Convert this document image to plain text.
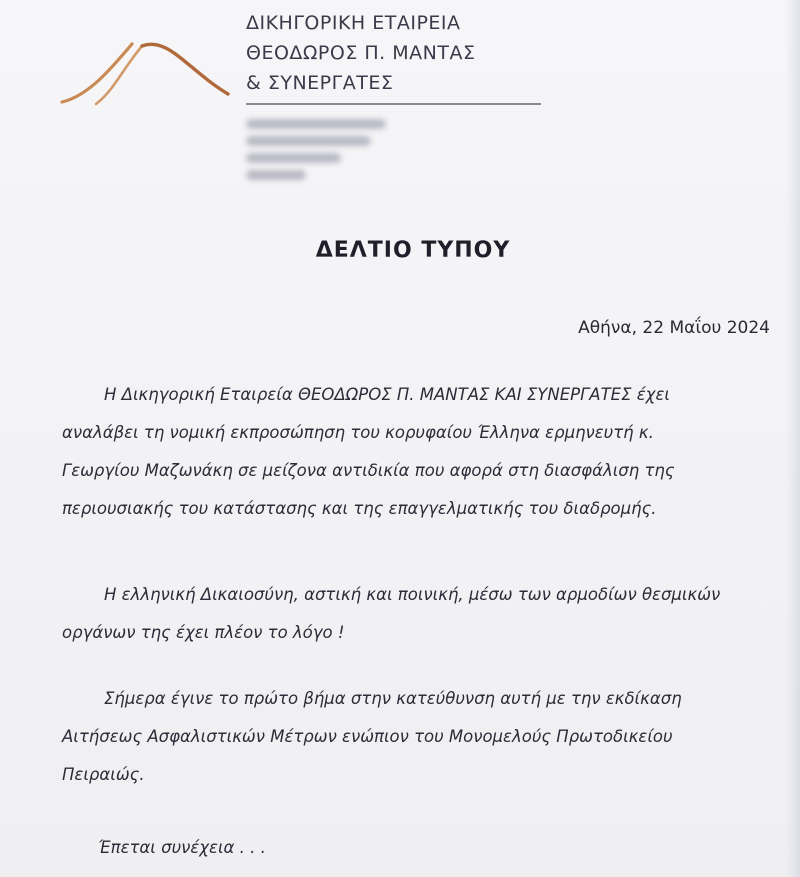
ΔΙΚΗΓΟΡΙΚΗ ΕΤΑΙΡΕΙΑ
ΘΕΟΔΩΡΟΣ Π. ΜΑΝΤΑΣ
& ΣΥΝΕΡΓΑΤΕΣ
ΔΕΛΤΙΟ ΤΥΠΟΥ
Αθήνα, 22 Μαΐου 2024
Η Δικηγορική Εταιρεία ΘΕΟΔΩΡΟΣ Π. ΜΑΝΤΑΣ ΚΑΙ ΣΥΝΕΡΓΑΤΕΣ έχει
αναλάβει τη νομική εκπροσώπηση του κορυφαίου Έλληνα ερμηνευτή κ.
Γεωργίου Μαζωνάκη σε μείζονα αντιδικία που αφορά στη διασφάλιση της
περιουσιακής του κατάστασης και της επαγγελματικής του διαδρομής.
Η ελληνική Δικαιοσύνη, αστική και ποινική, μέσω των αρμοδίων θεσμικών
οργάνων της έχει πλέον το λόγο !
Σήμερα έγινε το πρώτο βήμα στην κατεύθυνση αυτή με την εκδίκαση
Αιτήσεως Ασφαλιστικών Μέτρων ενώπιον του Μονομελούς Πρωτοδικείου
Πειραιώς.
Έπεται συνέχεια . . .
